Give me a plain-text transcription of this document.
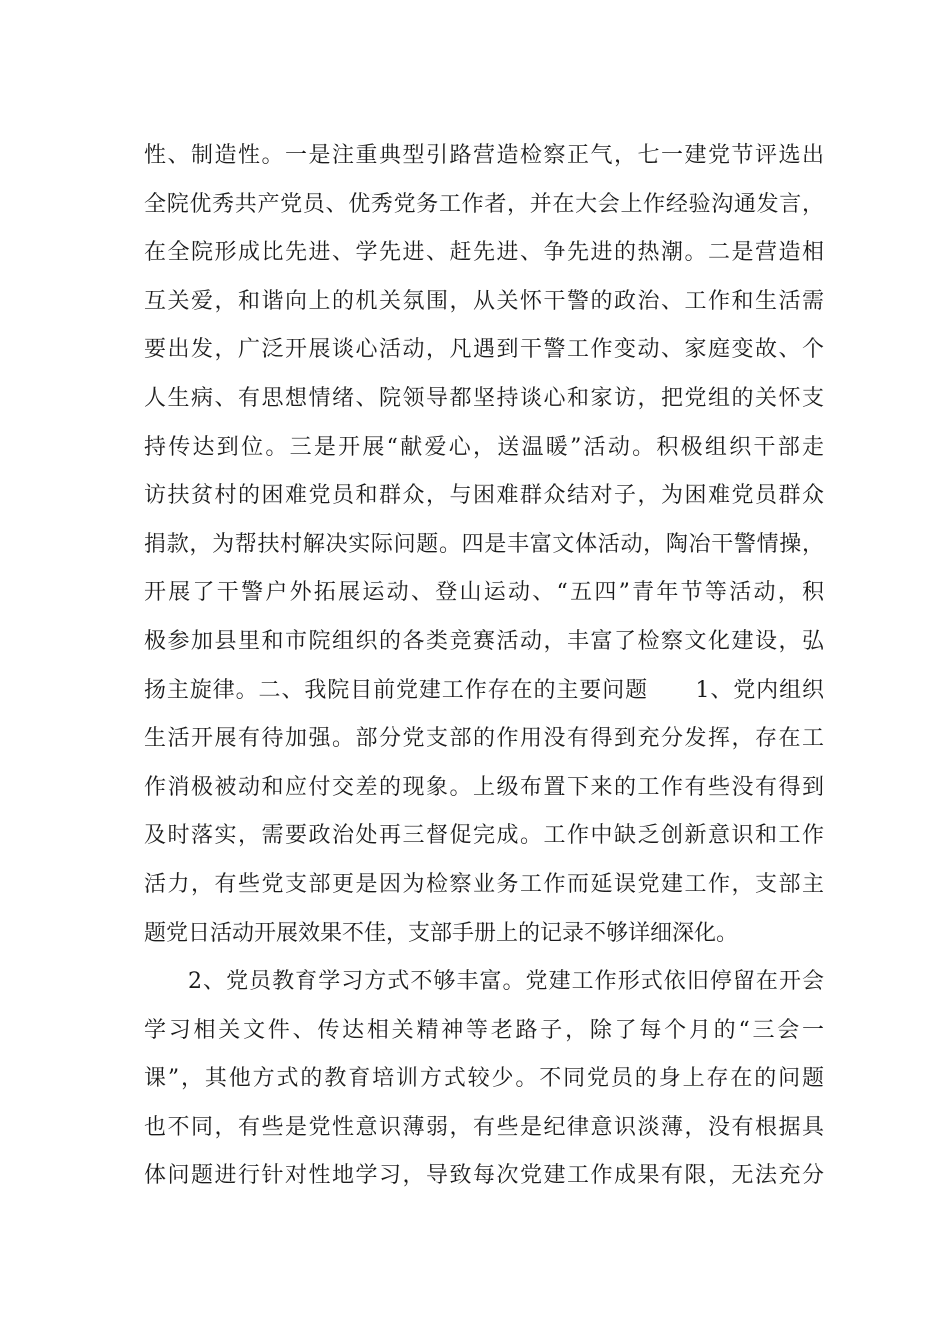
性、制造性。一是注重典型引路营造检察正气，七一建党节评选出
全院优秀共产党员、优秀党务工作者，并在大会上作经验沟通发言，
在全院形成比先进、学先进、赶先进、争先进的热潮。二是营造相
互关爱，和谐向上的机关氛围，从关怀干警的政治、工作和生活需
要出发，广泛开展谈心活动，凡遇到干警工作变动、家庭变故、个
人生病、有思想情绪、院领导都坚持谈心和家访，把党组的关怀支
持传达到位。三是开展“献爱心，送温暖”活动。积极组织干部走
访扶贫村的困难党员和群众，与困难群众结对子，为困难党员群众
捐款，为帮扶村解决实际问题。四是丰富文体活动，陶冶干警情操，
开展了干警户外拓展运动、登山运动、“五四”青年节等活动，积
极参加县里和市院组织的各类竞赛活动，丰富了检察文化建设，弘
扬主旋律。二、我院目前党建工作存在的主要问题      1、党内组织
生活开展有待加强。部分党支部的作用没有得到充分发挥，存在工
作消极被动和应付交差的现象。上级布置下来的工作有些没有得到
及时落实，需要政治处再三督促完成。工作中缺乏创新意识和工作
活力，有些党支部更是因为检察业务工作而延误党建工作，支部主
题党日活动开展效果不佳，支部手册上的记录不够详细深化。
2、党员教育学习方式不够丰富。党建工作形式依旧停留在开会
学习相关文件、传达相关精神等老路子，除了每个月的“三会一
课”，其他方式的教育培训方式较少。不同党员的身上存在的问题
也不同，有些是党性意识薄弱，有些是纪律意识淡薄，没有根据具
体问题进行针对性地学习，导致每次党建工作成果有限，无法充分
